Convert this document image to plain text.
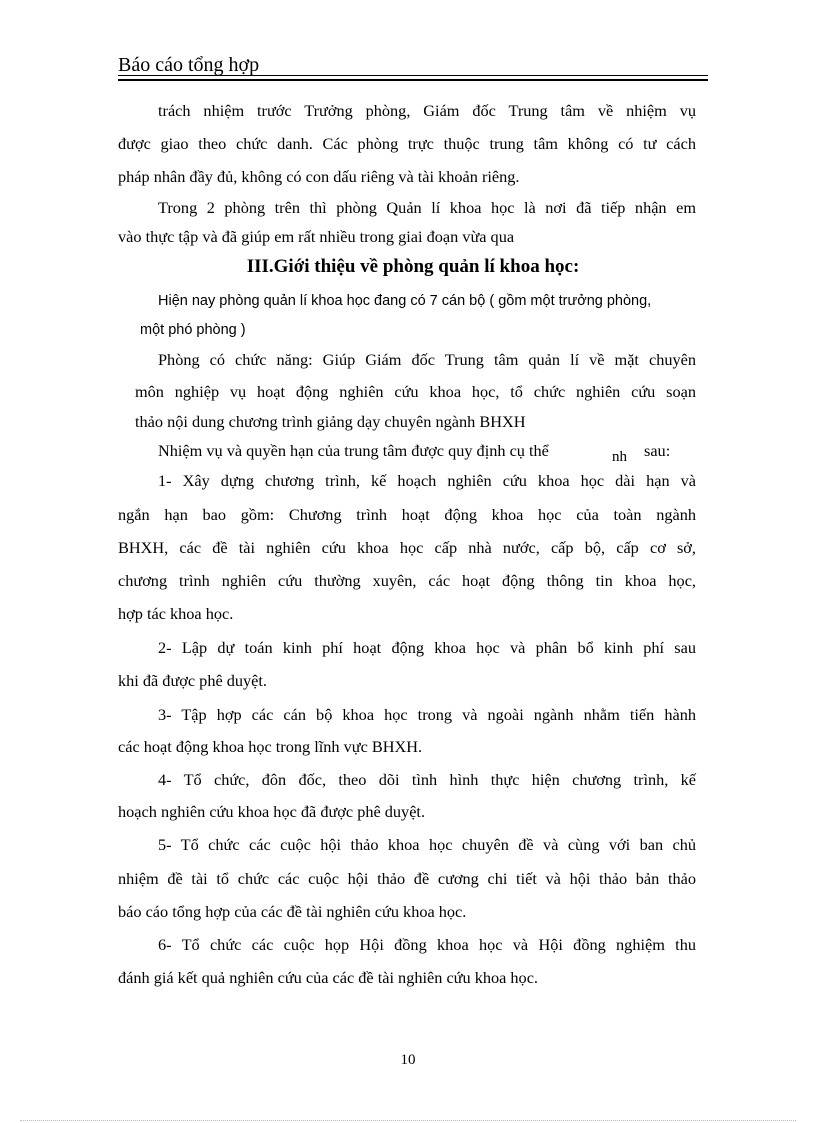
Báo cáo tổng hợp

trách nhiệm trước Trưởng phòng, Giám đốc Trung tâm về nhiệm vụ

được giao theo chức danh. Các phòng trực thuộc trung tâm không có tư cách

pháp nhân đầy đủ, không có con dấu riêng và tài khoản riêng.

Trong 2 phòng trên thì phòng Quản lí khoa học là nơi đã tiếp nhận em

vào thực tập và đã giúp em rất nhiều trong giai đoạn vừa qua

III.Giới thiệu về phòng quản lí khoa học:

Hiện nay phòng quản lí khoa học đang có 7 cán bộ ( gồm một trưởng phòng,

một phó phòng )

Phòng có chức năng: Giúp Giám đốc Trung tâm quản lí về mặt chuyên

môn nghiệp vụ hoạt động nghiên cứu khoa học, tổ chức nghiên cứu soạn

thảo nội dung chương trình giảng dạy chuyên ngành BHXH

Nhiệm vụ và quyền hạn của trung tâm được quy định cụ thể	nh sau:

1- Xây dựng chương trình, kế hoạch nghiên cứu khoa học dài hạn và

ngắn hạn bao gồm: Chương trình hoạt động khoa học của toàn ngành

BHXH, các đề tài nghiên cứu khoa học cấp nhà nước, cấp bộ, cấp cơ sở,

chương trình nghiên cứu thường xuyên, các hoạt động thông tin khoa học,

hợp tác khoa học.

2- Lập dự toán kinh phí hoạt động khoa học và phân bổ kinh phí sau

khi đã được phê duyệt.

3- Tập hợp các cán bộ khoa học trong và ngoài ngành nhằm tiến hành

các hoạt động khoa học trong lĩnh vực BHXH.

4- Tổ chức, đôn đốc, theo dõi tình hình thực hiện chương trình, kế

hoạch nghiên cứu khoa học đã được phê duyệt.

5- Tổ chức các cuộc hội thảo khoa học chuyên đề và cùng với ban chủ

nhiệm đề tài tổ chức các cuộc hội thảo đề cương chi tiết và hội thảo bản thảo

báo cáo tổng hợp của các đề tài nghiên cứu khoa học.

6- Tổ chức các cuộc họp Hội đồng khoa học và Hội đồng nghiệm thu

đánh giá kết quả nghiên cứu của các đề tài nghiên cứu khoa học.

10
